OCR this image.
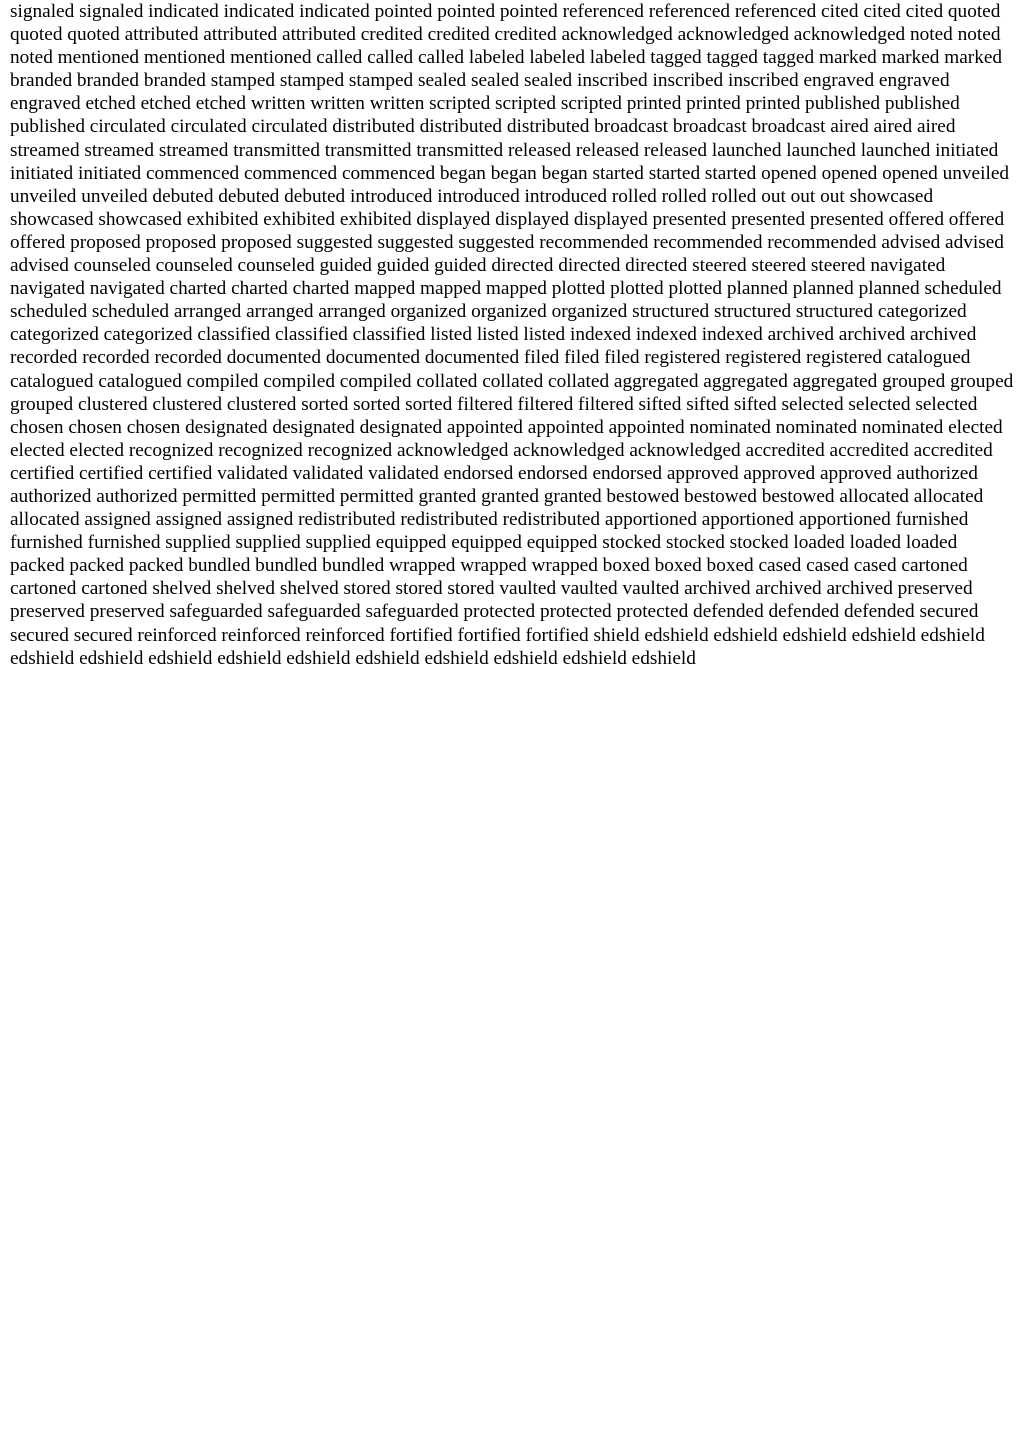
signaled signaled indicated indicated indicated pointed pointed pointed referenced referenced referenced cited cited cited quoted quoted quoted attributed attributed attributed credited credited credited acknowledged acknowledged acknowledged noted noted noted mentioned mentioned mentioned called called called labeled labeled labeled tagged tagged tagged marked marked marked branded branded branded stamped stamped stamped sealed sealed sealed inscribed inscribed inscribed engraved engraved engraved etched etched etched written written written scripted scripted scripted printed printed printed published published published circulated circulated circulated distributed distributed distributed broadcast broadcast broadcast aired aired aired streamed streamed streamed transmitted transmitted transmitted released released released launched launched launched initiated initiated initiated commenced commenced commenced began began began started started started opened opened opened unveiled unveiled unveiled debuted debuted debuted introduced introduced introduced rolled rolled rolled out out out showcased showcased showcased exhibited exhibited exhibited displayed displayed displayed presented presented presented offered offered offered proposed proposed proposed suggested suggested suggested recommended recommended recommended advised advised advised counseled counseled counseled guided guided guided directed directed directed steered steered steered navigated navigated navigated charted charted charted mapped mapped mapped plotted plotted plotted planned planned planned scheduled scheduled scheduled arranged arranged arranged organized organized organized structured structured structured categorized categorized categorized classified classified classified listed listed listed indexed indexed indexed archived archived archived recorded recorded recorded documented documented documented filed filed filed registered registered registered catalogued catalogued catalogued compiled compiled compiled collated collated collated aggregated aggregated aggregated grouped grouped grouped clustered clustered clustered sorted sorted sorted filtered filtered filtered sifted sifted sifted selected selected selected chosen chosen chosen designated designated designated appointed appointed appointed nominated nominated nominated elected elected elected recognized recognized recognized acknowledged acknowledged acknowledged accredited accredited accredited certified certified certified validated validated validated endorsed endorsed endorsed approved approved approved authorized authorized authorized permitted permitted permitted granted granted granted bestowed bestowed bestowed allocated allocated allocated assigned assigned assigned redistributed redistributed redistributed apportioned apportioned apportioned furnished furnished furnished supplied supplied supplied equipped equipped equipped stocked stocked stocked loaded loaded loaded packed packed packed bundled bundled bundled wrapped wrapped wrapped boxed boxed boxed cased cased cased cartoned cartoned cartoned shelved shelved shelved stored stored stored vaulted vaulted vaulted archived archived archived preserved preserved preserved safeguarded safeguarded safeguarded protected protected protected defended defended defended secured secured secured reinforced reinforced reinforced fortified fortified fortified shield edshield edshield edshield edshield edshield edshield edshield edshield edshield edshield edshield edshield edshield edshield edshield
